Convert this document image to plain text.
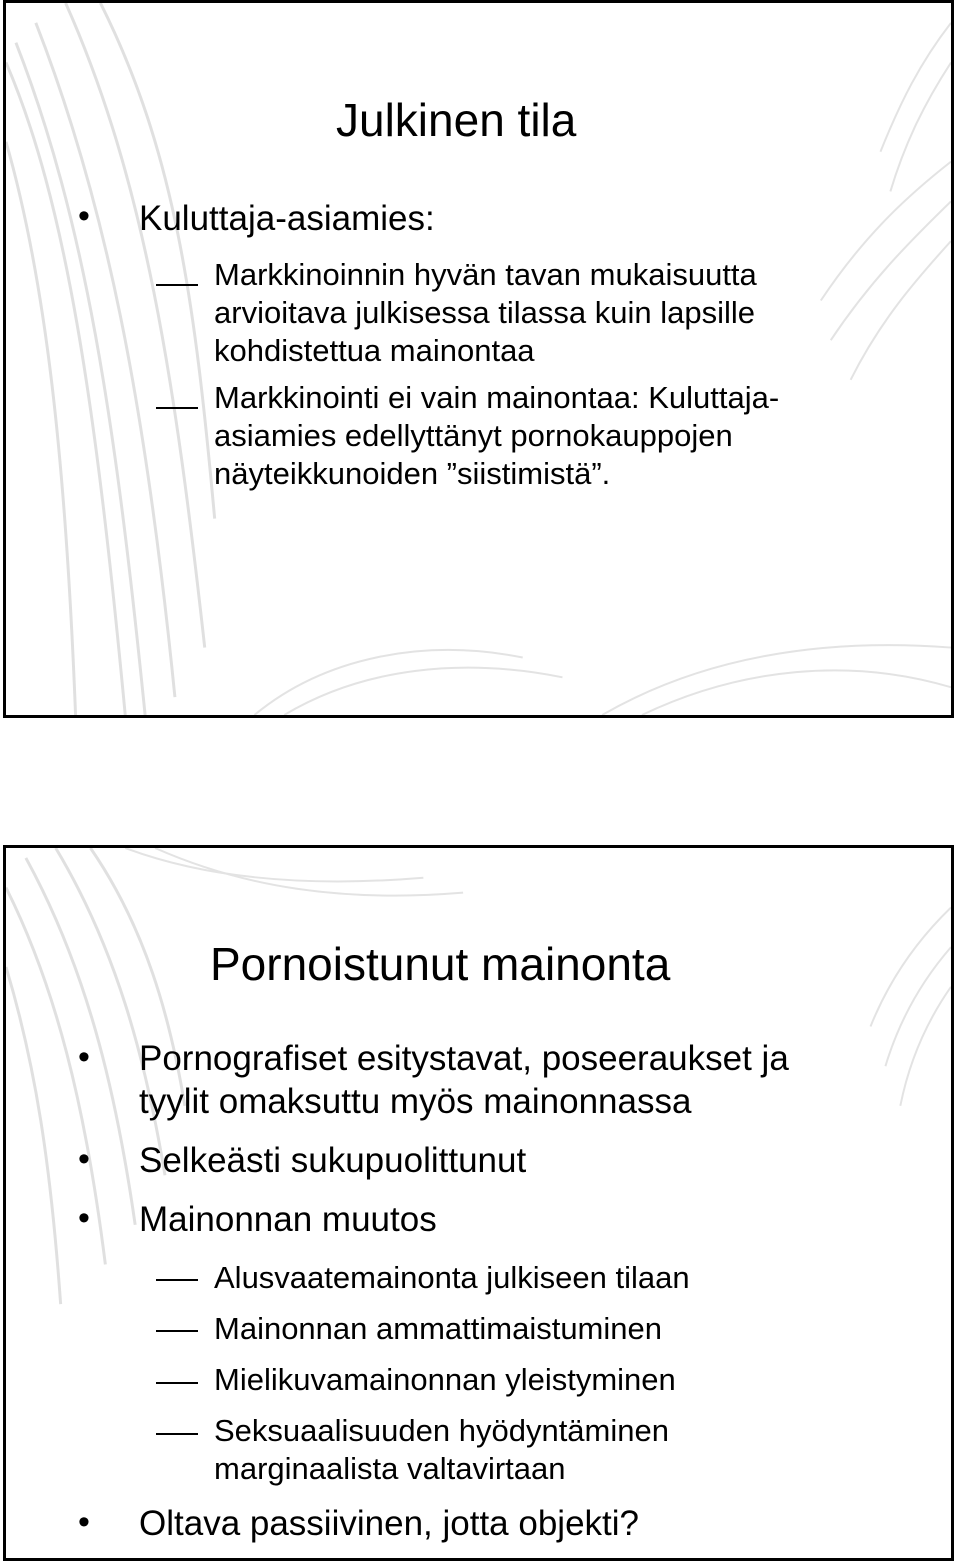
Julkinen tila
• Kuluttaja-asiamies:
Markkinoinnin hyvän tavan mukaisuutta
arvioitava julkisessa tilassa kuin lapsille
kohdistettua mainontaa
Markkinointi ei vain mainontaa: Kuluttaja-
asiamies edellyttänyt pornokauppojen
näyteikkunoiden ”siistimistä”.
Pornoistunut mainonta
• Pornografiset esitystavat, poseeraukset ja
tyylit omaksuttu myös mainonnassa
• Selkeästi sukupuolittunut
• Mainonnan muutos
Alusvaatemainonta julkiseen tilaan
Mainonnan ammattimaistuminen
Mielikuvamainonnan yleistyminen
Seksuaalisuuden hyödyntäminen
marginaalista valtavirtaan
• Oltava passiivinen, jotta objekti?
